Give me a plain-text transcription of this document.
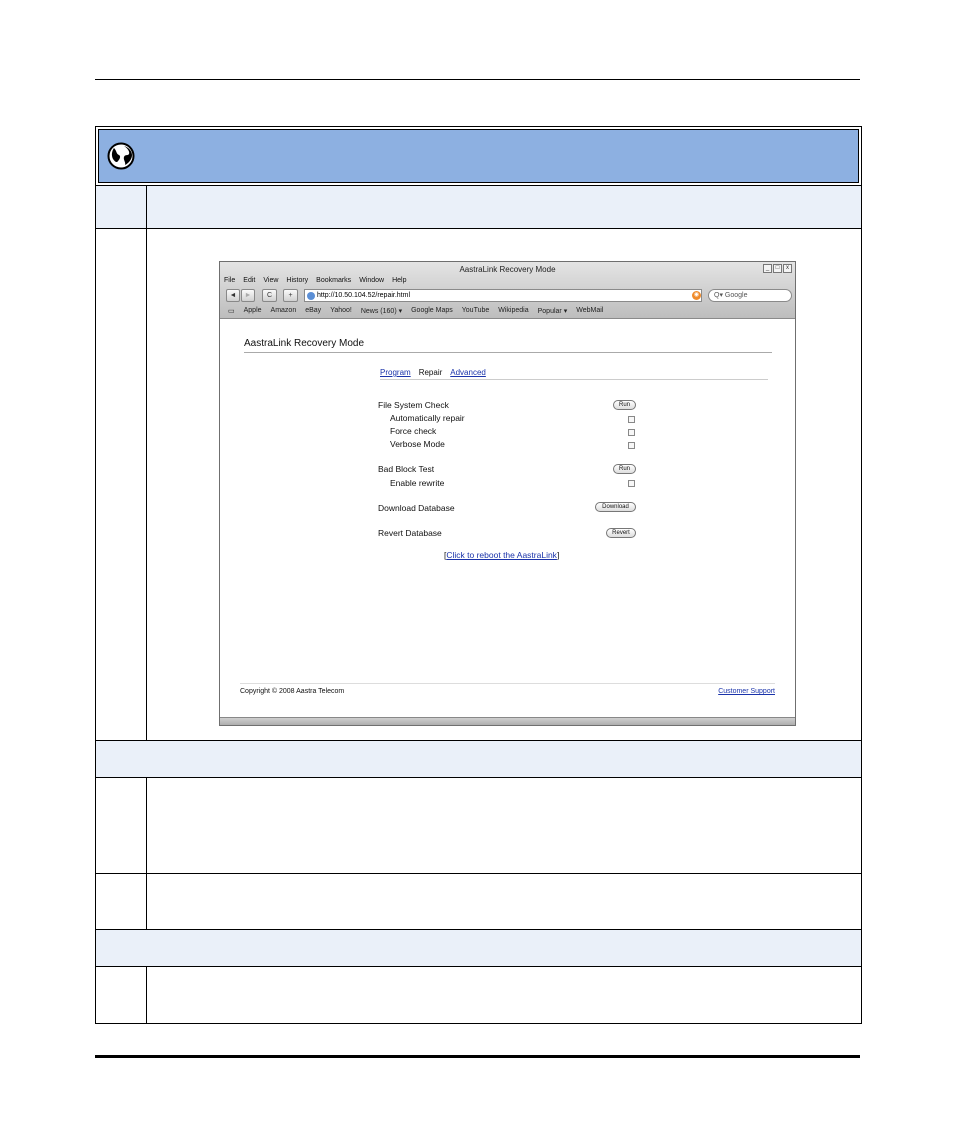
AastraLink Recovery Mode	_	□	x
File Edit View History Bookmarks Window Help
◄	►	C	+	http://10.50.104.52/repair.html	◉	Q▾ Google
▭ Apple Amazon eBay Yahoo! News (160) ▾ Google Maps YouTube Wikipedia Popular ▾ WebMail
AastraLink Recovery Mode
Program Repair Advanced
File System Check	Run
Automatically repair
Force check
Verbose Mode
Bad Block Test	Run
Enable rewrite
Download Database	Download
Revert Database	Revert
[Click to reboot the AastraLink]
Copyright © 2008 Aastra Telecom	Customer Support
